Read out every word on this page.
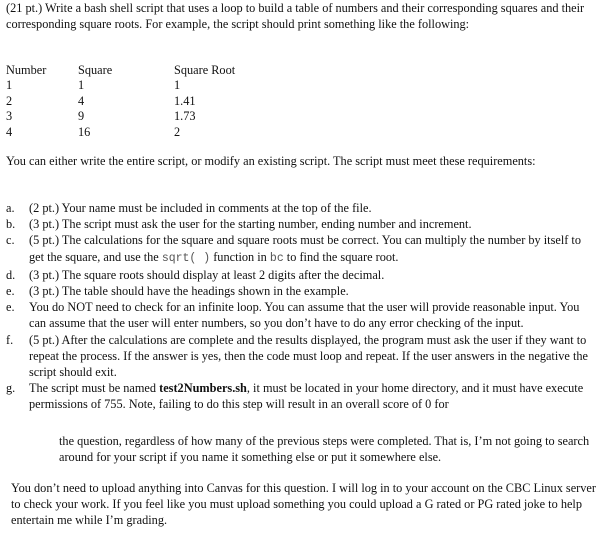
(21 pt.) Write a bash shell script that uses a loop to build a table of numbers and their corresponding squares and their corresponding square roots. For example, the script should print something like the following:

Number	Square	Square Root
1	1	1
2	4	1.41
3	9	1.73
4	16	2

You can either write the entire script, or modify an existing script. The script must meet these requirements:

a.	(2 pt.) Your name must be included in comments at the top of the file.
b.	(3 pt.) The script must ask the user for the starting number, ending number and increment.
c.	(5 pt.) The calculations for the square and square roots must be correct. You can multiply the number by itself to get the square, and use the sqrt( ) function in bc to find the square root.
d.	(3 pt.) The square roots should display at least 2 digits after the decimal.
e.	(3 pt.) The table should have the headings shown in the example.
e.	You do NOT need to check for an infinite loop. You can assume that the user will provide reasonable input. You can assume that the user will enter numbers, so you don’t have to do any error checking of the input.
f.	(5 pt.) After the calculations are complete and the results displayed, the program must ask the user if they want to repeat the process. If the answer is yes, then the code must loop and repeat. If the user answers in the negative the script should exit.
g.	The script must be named test2Numbers.sh, it must be located in your home directory, and it must have execute permissions of 755. Note, failing to do this step will result in an overall score of 0 for

the question, regardless of how many of the previous steps were completed. That is, I’m not going to search around for your script if you name it something else or put it somewhere else.

You don’t need to upload anything into Canvas for this question. I will log in to your account on the CBC Linux server to check your work. If you feel like you must upload something you could upload a G rated or PG rated joke to help entertain me while I’m grading.
